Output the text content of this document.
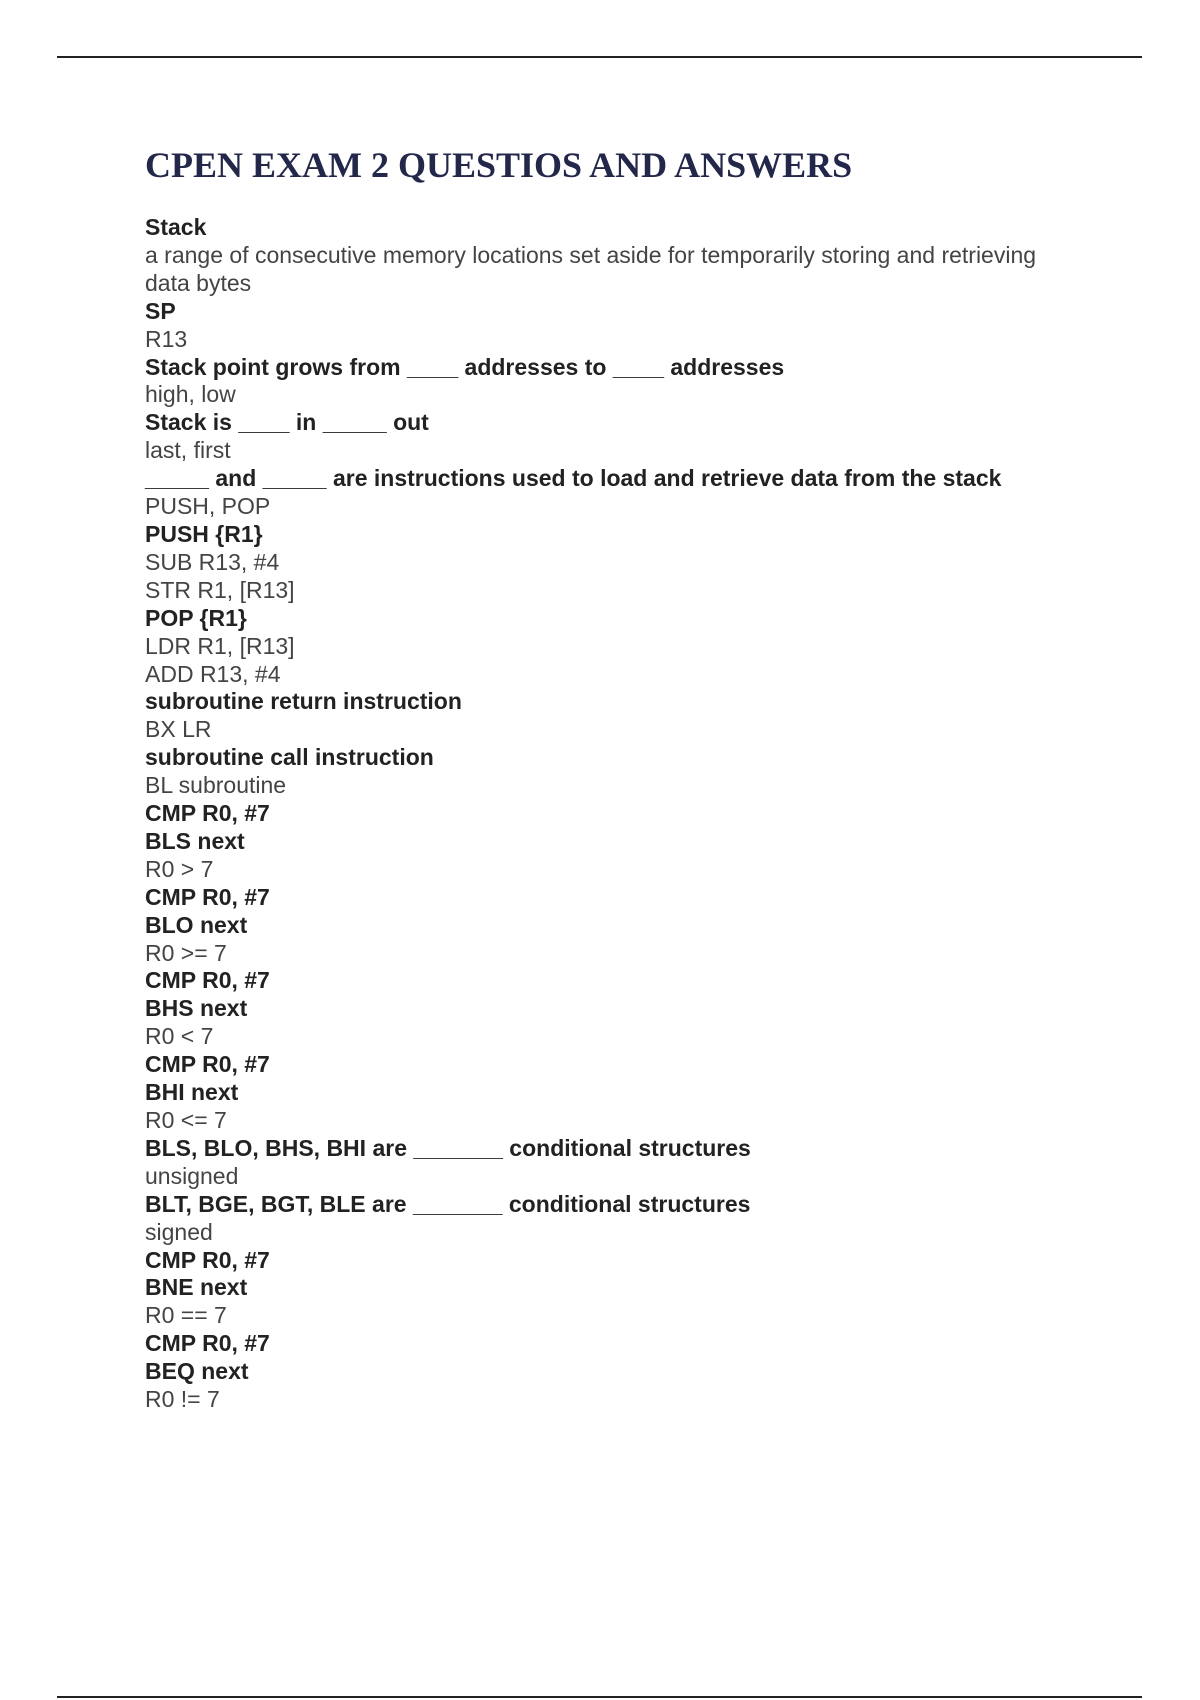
CPEN EXAM 2 QUESTIOS AND ANSWERS
Stack
a range of consecutive memory locations set aside for temporarily storing and retrieving
data bytes
SP
R13
Stack point grows from ____ addresses to ____ addresses
high, low
Stack is ____ in _____ out
last, first
_____ and _____ are instructions used to load and retrieve data from the stack
PUSH, POP
PUSH {R1}
SUB R13, #4
STR R1, [R13]
POP {R1}
LDR R1, [R13]
ADD R13, #4
subroutine return instruction
BX LR
subroutine call instruction
BL subroutine
CMP R0, #7
BLS next
R0 > 7
CMP R0, #7
BLO next
R0 >= 7
CMP R0, #7
BHS next
R0 < 7
CMP R0, #7
BHI next
R0 <= 7
BLS, BLO, BHS, BHI are _______ conditional structures
unsigned
BLT, BGE, BGT, BLE are _______ conditional structures
signed
CMP R0, #7
BNE next
R0 == 7
CMP R0, #7
BEQ next
R0 != 7
